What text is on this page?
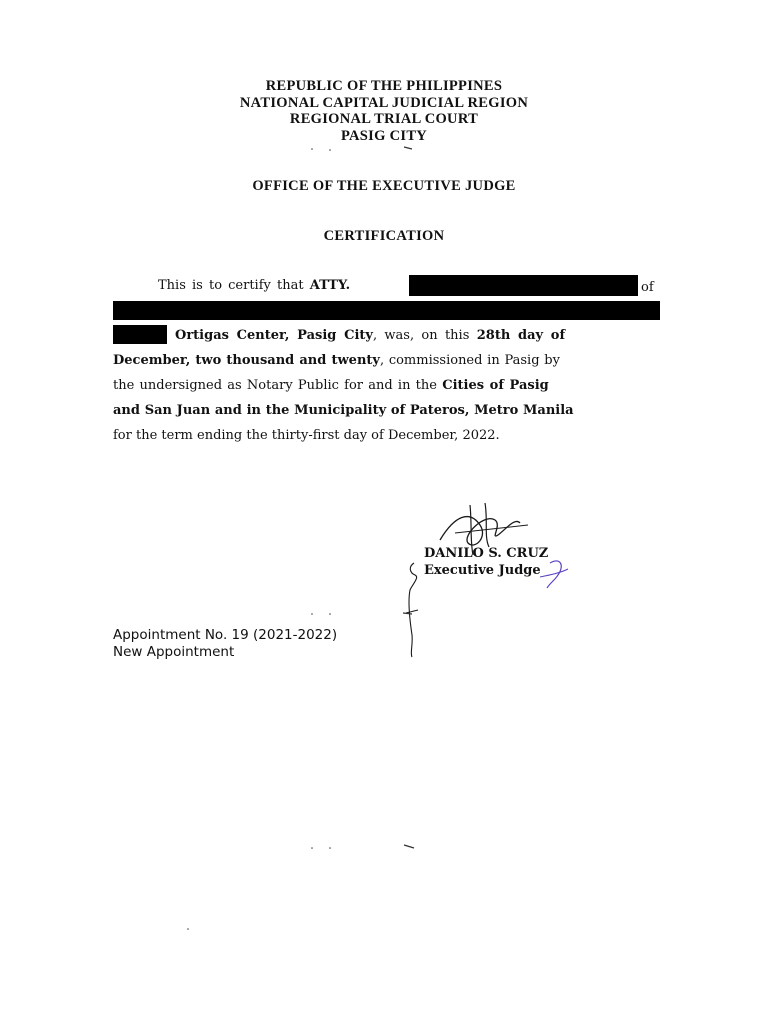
REPUBLIC OF THE PHILIPPINES
NATIONAL CAPITAL JUDICIAL REGION
REGIONAL TRIAL COURT
PASIG CITY
OFFICE OF THE EXECUTIVE JUDGE
CERTIFICATION
This is to certify that ATTY.	of
Ortigas Center, Pasig City, was, on this 28th day of
December, two thousand and twenty, commissioned in Pasig by
the undersigned as Notary Public for and in the Cities of Pasig
and San Juan and in the Municipality of Pateros, Metro Manila
for the term ending the thirty-first day of December, 2022.
DANILO S. CRUZ
Executive Judge
Appointment No. 19 (2021-2022)
New Appointment
